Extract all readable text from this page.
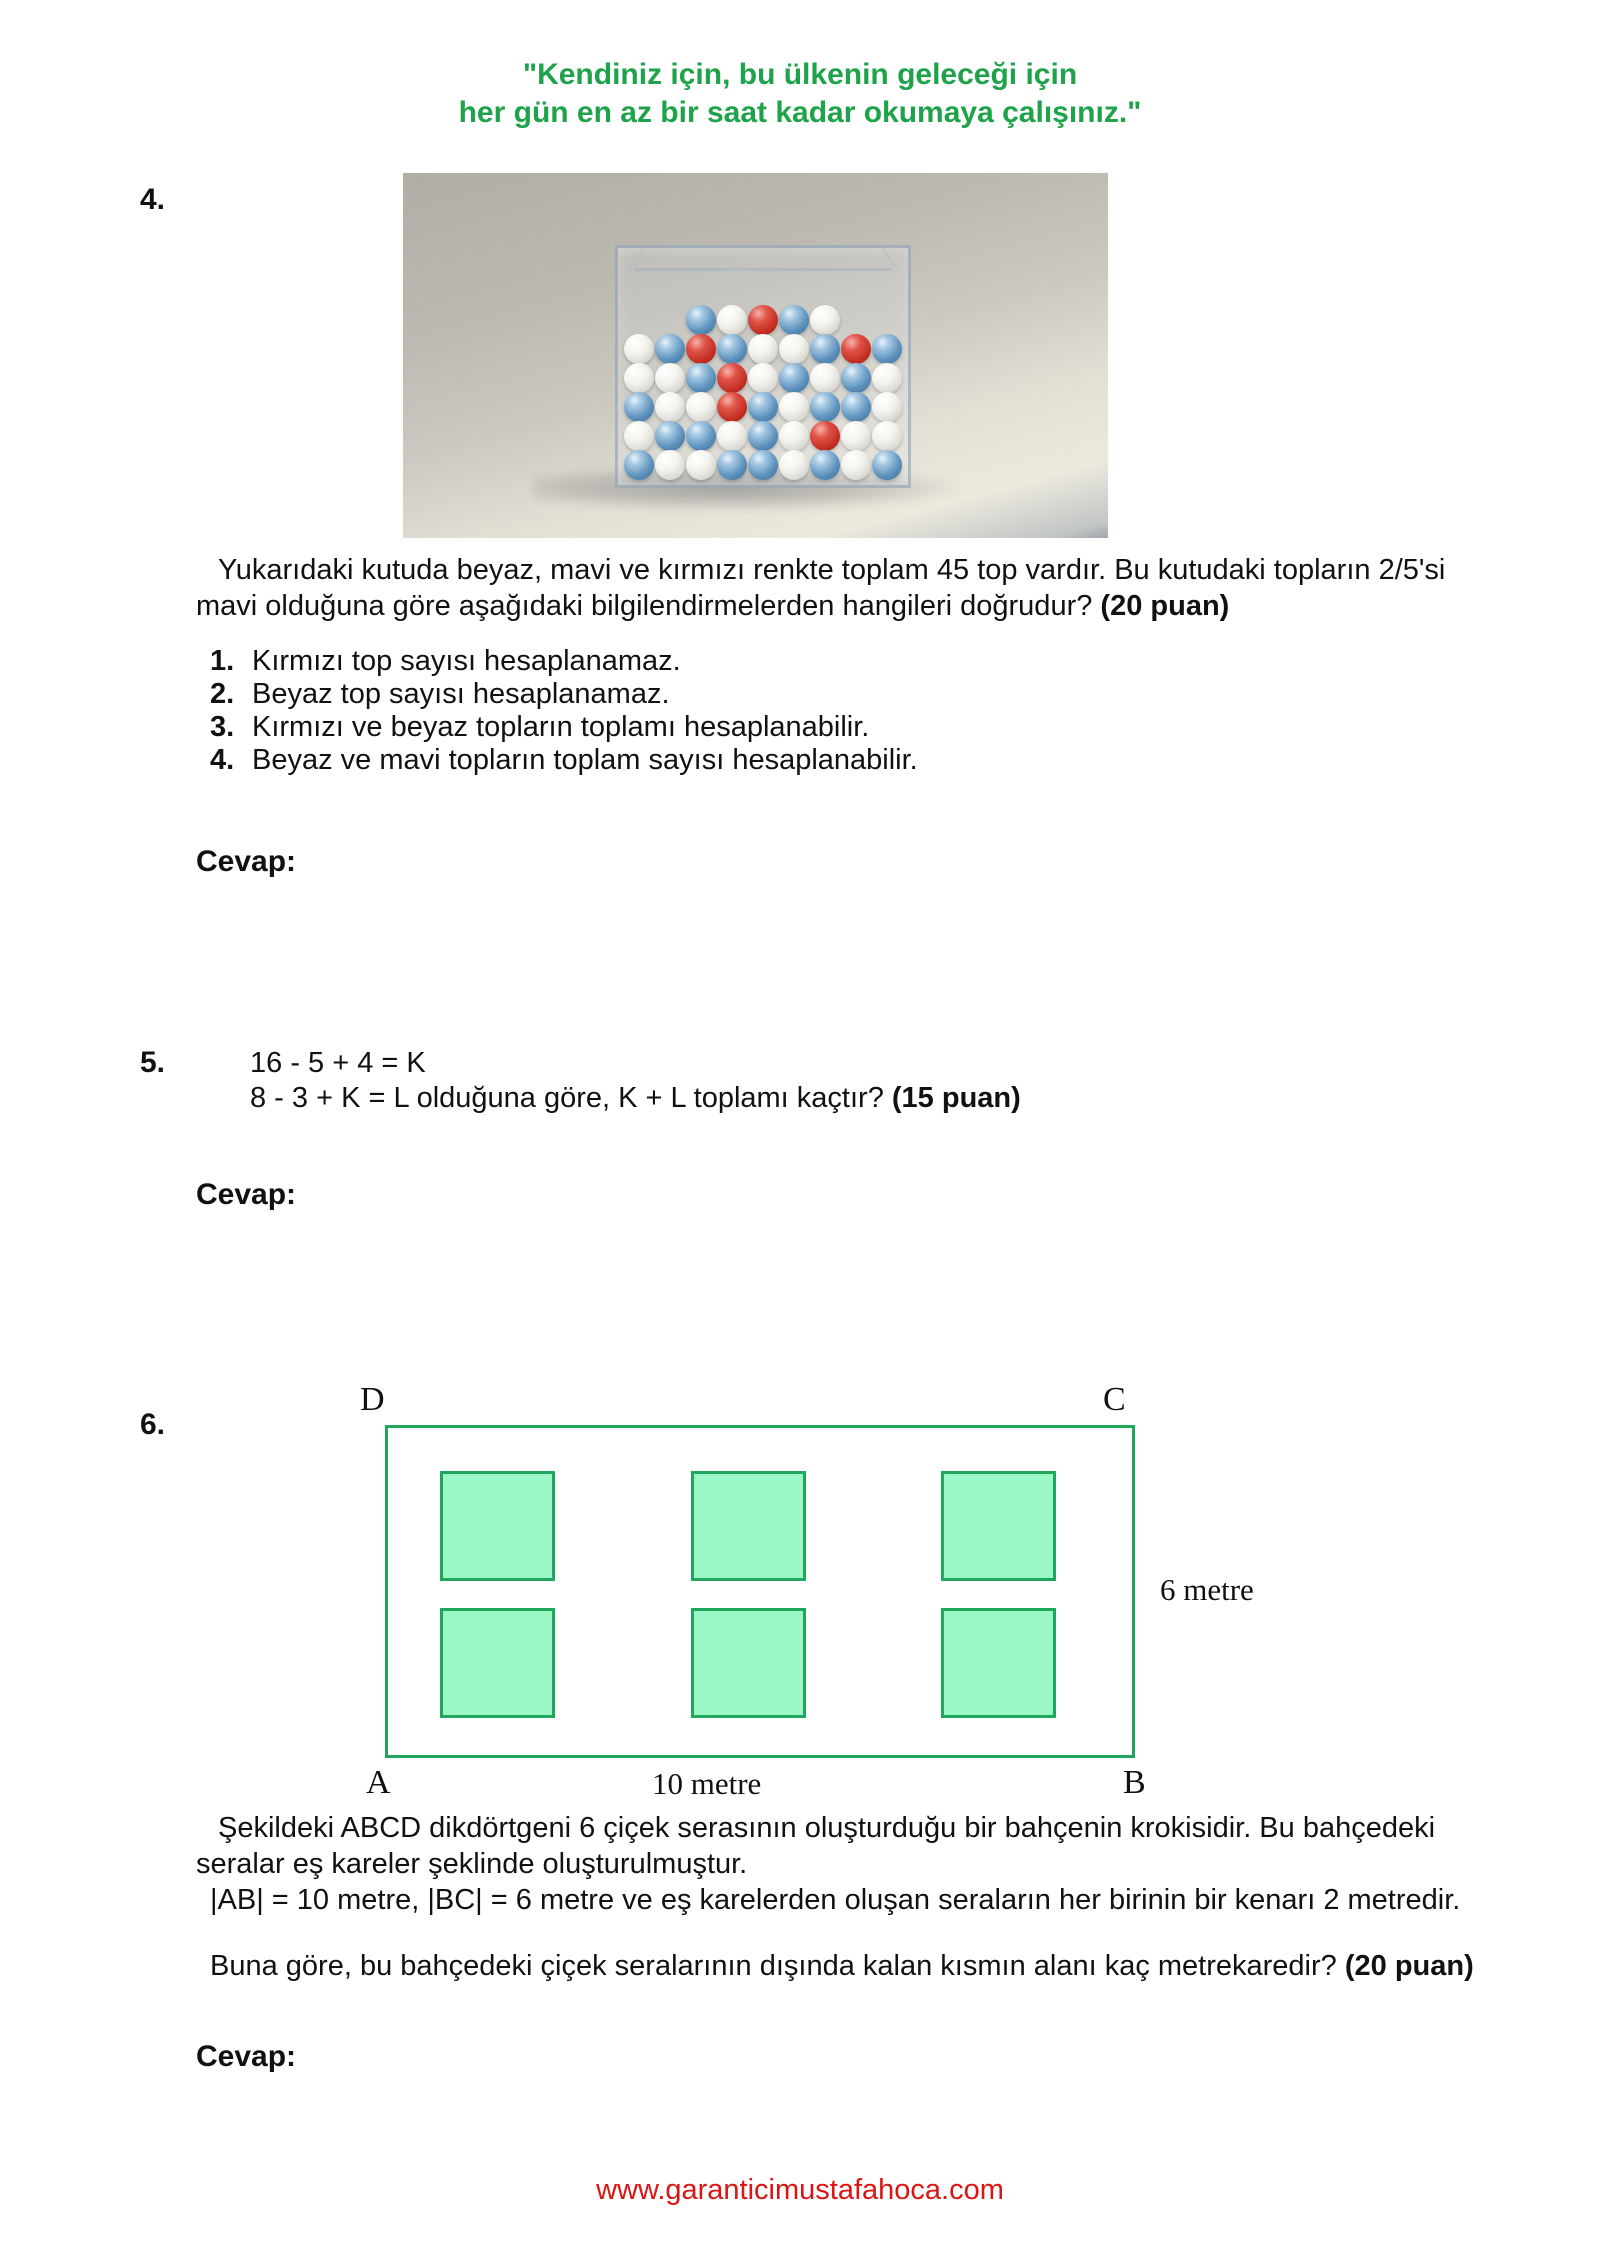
"Kendiniz için, bu ülkenin geleceği için
her gün en az bir saat kadar okumaya çalışınız."
4.
Yukarıdaki kutuda beyaz, mavi ve kırmızı renkte toplam 45 top vardır. Bu kutudaki topların 2/5'si
mavi olduğuna göre aşağıdaki bilgilendirmelerden hangileri doğrudur? (20 puan)
1. Kırmızı top sayısı hesaplanamaz.
2. Beyaz top sayısı hesaplanamaz.
3. Kırmızı ve beyaz topların toplamı hesaplanabilir.
4. Beyaz ve mavi topların toplam sayısı hesaplanabilir.
Cevap:
5.	16 - 5 + 4 = K
8 - 3 + K = L olduğuna göre, K + L toplamı kaçtır? (15 puan)
Cevap:
6.
D	C
6 metre
A	10 metre	B
Şekildeki ABCD dikdörtgeni 6 çiçek serasının oluşturduğu bir bahçenin krokisidir. Bu bahçedeki
seralar eş kareler şeklinde oluşturulmuştur.
|AB| = 10 metre, |BC| = 6 metre ve eş karelerden oluşan seraların her birinin bir kenarı 2 metredir.
Buna göre, bu bahçedeki çiçek seralarının dışında kalan kısmın alanı kaç metrekaredir? (20 puan)
Cevap:
www.garanticimustafahoca.com
